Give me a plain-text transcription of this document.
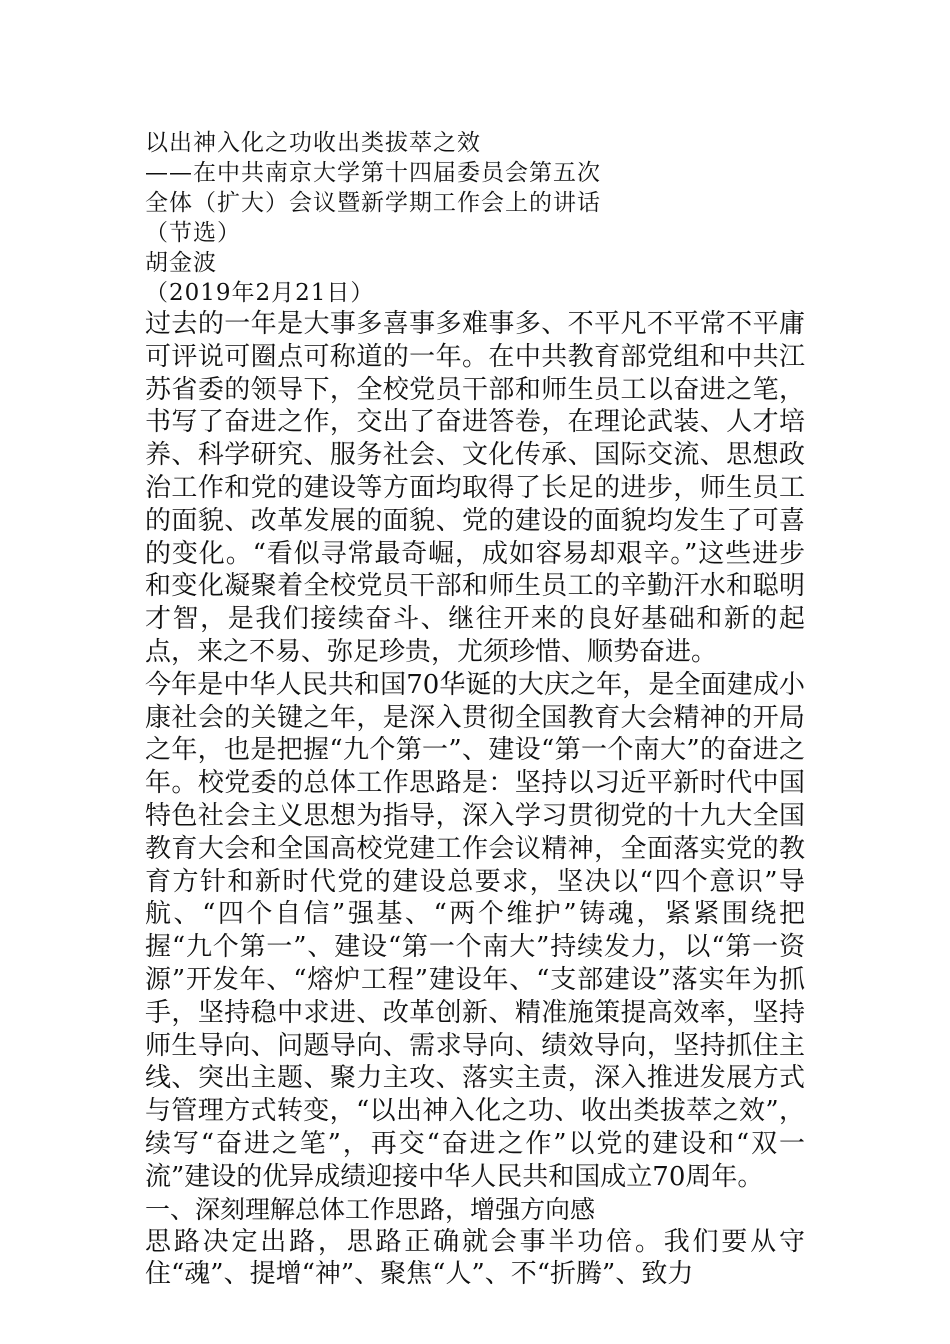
以出神入化之功收出类拔萃之效
——在中共南京大学第十四届委员会第五次
全体（扩大）会议暨新学期工作会上的讲话
（节选）
胡金波
（2019年2月21日）

过去的一年是大事多喜事多难事多、不平凡不平常不平庸可评说可圈点可称道的一年。在中共教育部党组和中共江苏省委的领导下，全校党员干部和师生员工以奋进之笔，书写了奋进之作，交出了奋进答卷，在理论武装、人才培养、科学研究、服务社会、文化传承、国际交流、思想政治工作和党的建设等方面均取得了长足的进步，师生员工的面貌、改革发展的面貌、党的建设的面貌均发生了可喜的变化。“看似寻常最奇崛，成如容易却艰辛。”这些进步和变化凝聚着全校党员干部和师生员工的辛勤汗水和聪明才智，是我们接续奋斗、继往开来的良好基础和新的起点，来之不易、弥足珍贵，尤须珍惜、顺势奋进。

今年是中华人民共和国70华诞的大庆之年，是全面建成小康社会的关键之年，是深入贯彻全国教育大会精神的开局之年，也是把握“九个第一”、建设“第一个南大”的奋进之年。校党委的总体工作思路是：坚持以习近平新时代中国特色社会主义思想为指导，深入学习贯彻党的十九大全国教育大会和全国高校党建工作会议精神，全面落实党的教育方针和新时代党的建设总要求，坚决以“四个意识”导航、“四个自信”强基、“两个维护”铸魂，紧紧围绕把握“九个第一”、建设“第一个南大”持续发力，以“第一资源”开发年、“熔炉工程”建设年、“支部建设”落实年为抓手，坚持稳中求进、改革创新、精准施策提高效率，坚持师生导向、问题导向、需求导向、绩效导向，坚持抓住主线、突出主题、聚力主攻、落实主责，深入推进发展方式与管理方式转变，“以出神入化之功、收出类拔萃之效”，续写“奋进之笔”，再交“奋进之作”以党的建设和“双一流”建设的优异成绩迎接中华人民共和国成立70周年。

一、深刻理解总体工作思路，增强方向感

思路决定出路，思路正确就会事半功倍。我们要从守住“魂”、提增“神”、聚焦“人”、不“折腾”、致力
